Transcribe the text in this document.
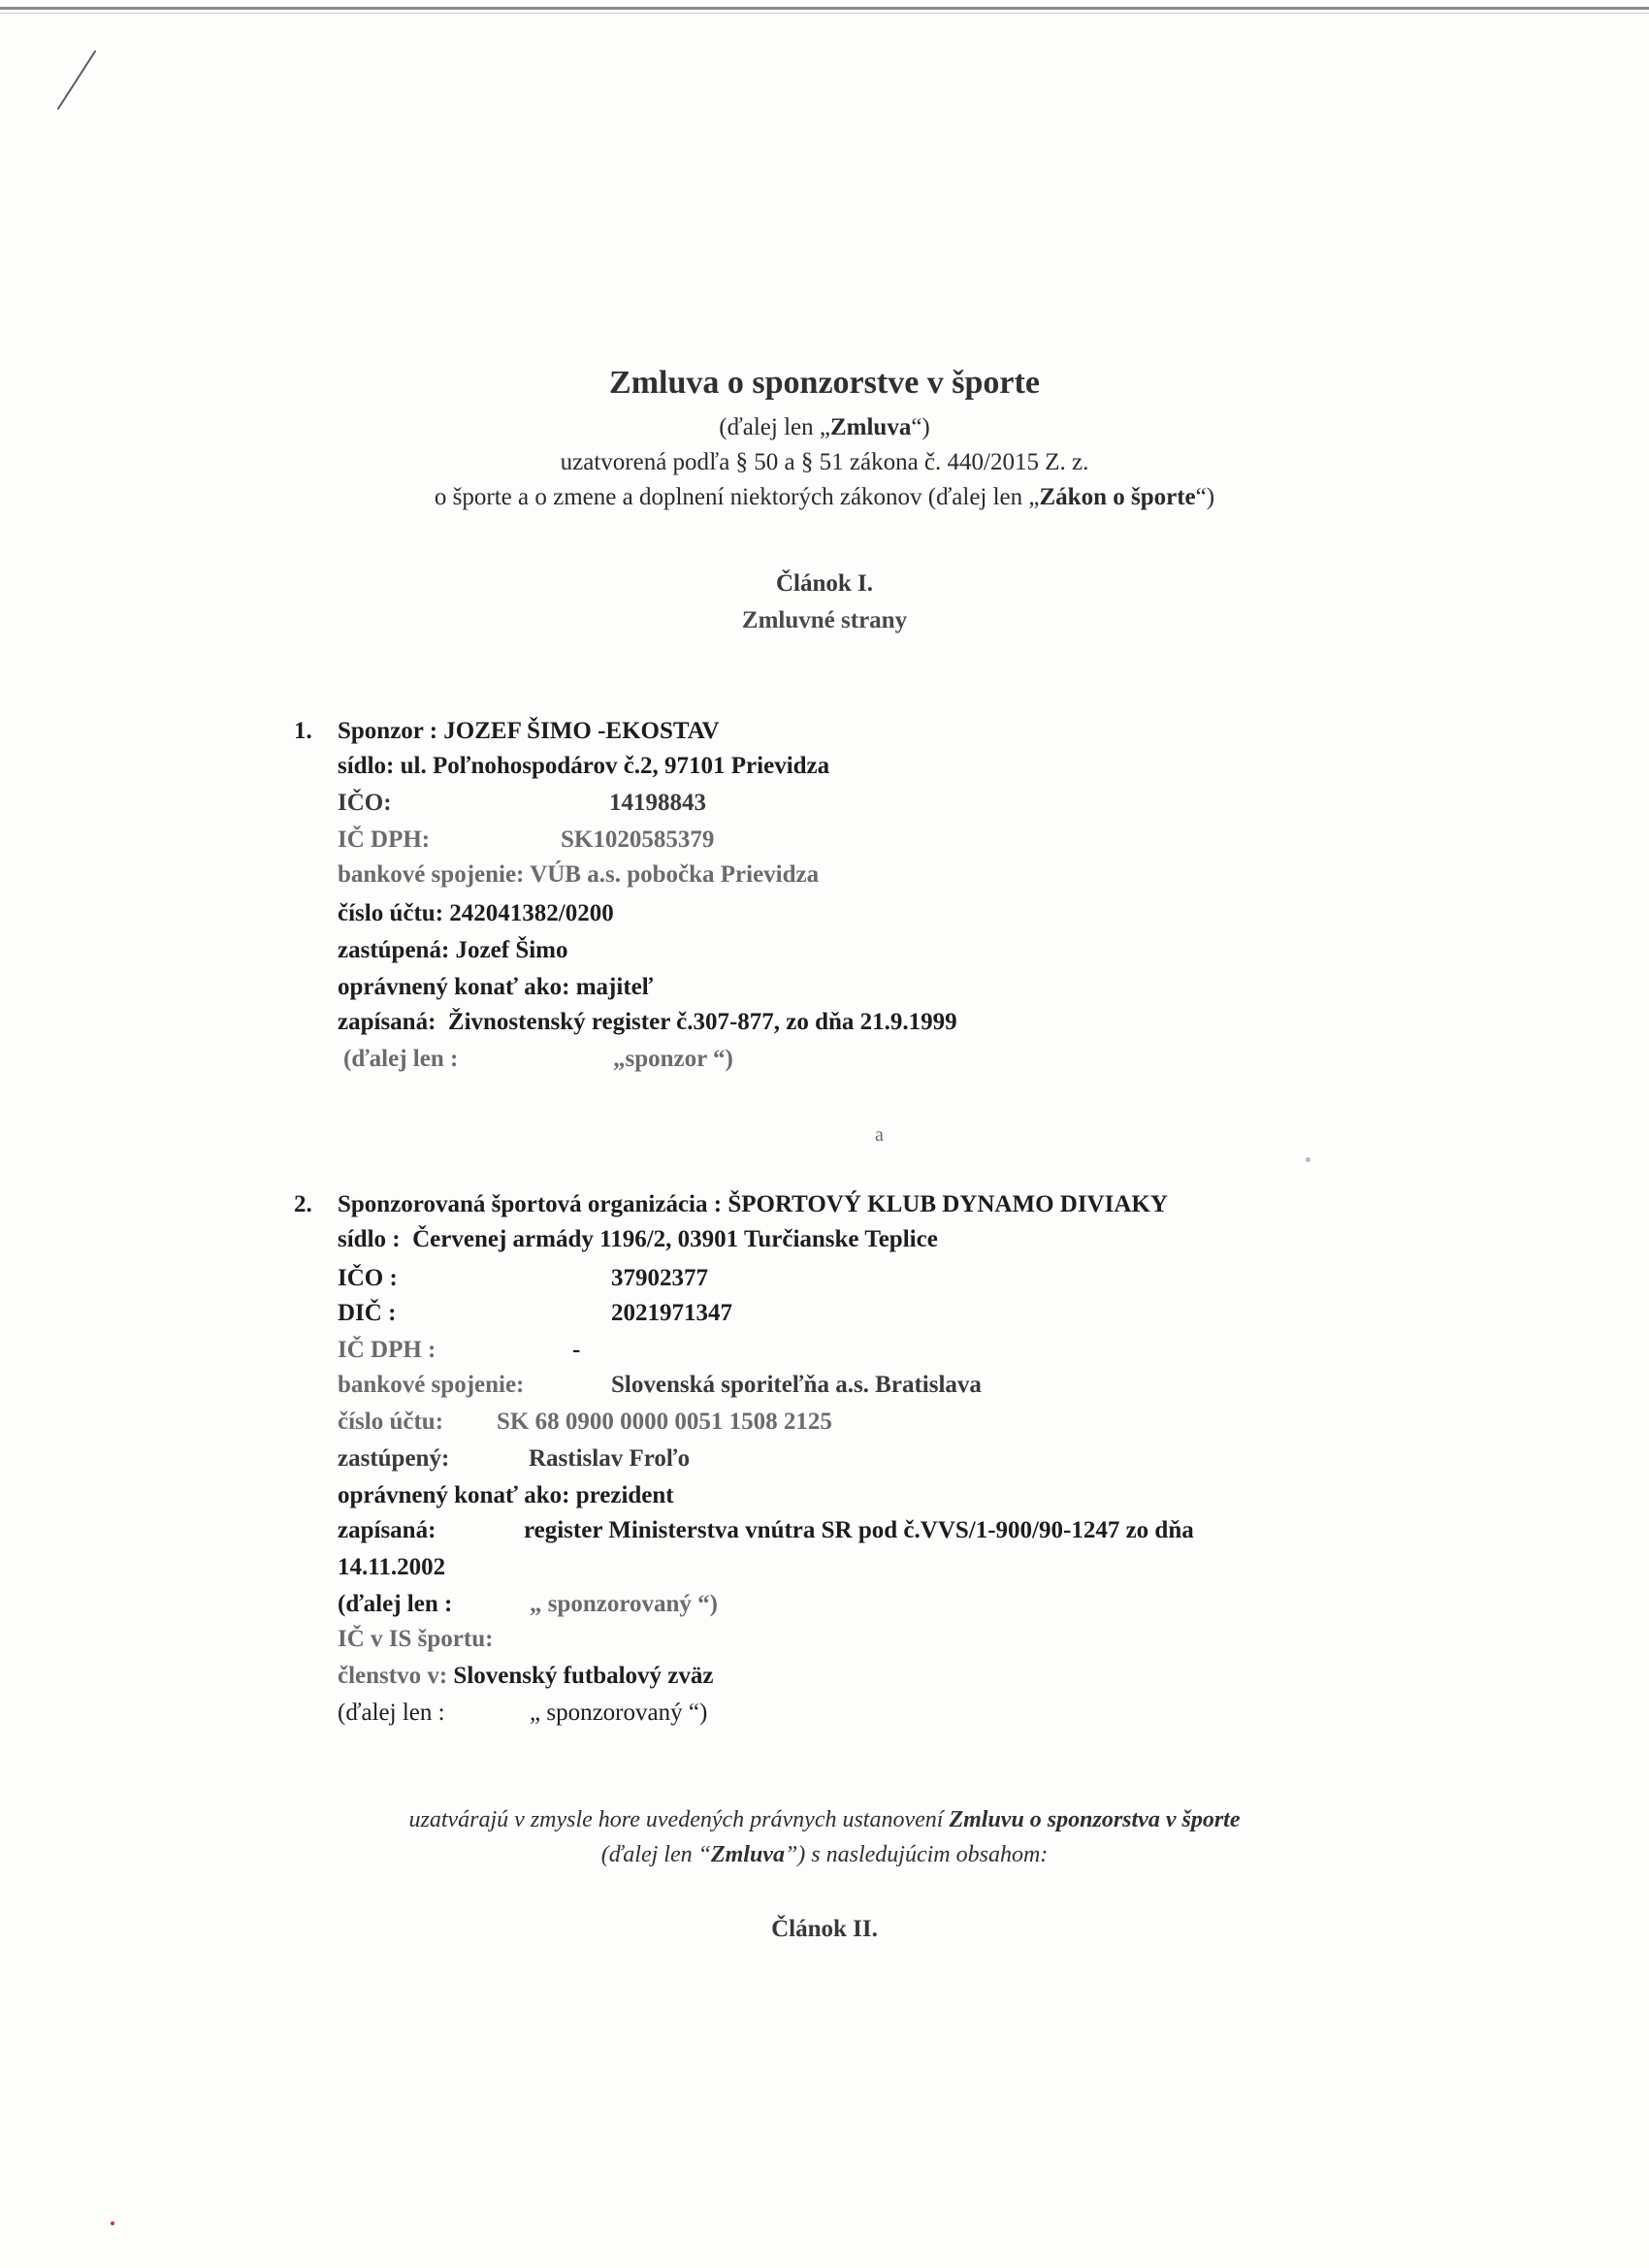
Zmluva o sponzorstve v športe
(ďalej len „Zmluva“)
uzatvorená podľa § 50 a § 51 zákona č. 440/2015 Z. z.
o športe a o zmene a doplnení niektorých zákonov (ďalej len „Zákon o športe“)
Článok I.
Zmluvné strany
1. Sponzor : JOZEF ŠIMO -EKOSTAV
sídlo: ul. Poľnohospodárov č.2, 97101 Prievidza
IČO:	14198843
IČ DPH:	SK1020585379
bankové spojenie: VÚB a.s. pobočka Prievidza
číslo účtu: 242041382/0200
zastúpená: Jozef Šimo
oprávnený konať ako: majiteľ
zapísaná: Živnostenský register č.307-877, zo dňa 21.9.1999
(ďalej len :	„sponzor “)
a
2. Sponzorovaná športová organizácia : ŠPORTOVÝ KLUB DYNAMO DIVIAKY
sídlo : Červenej armády 1196/2, 03901 Turčianske Teplice
IČO :	37902377
DIČ :	2021971347
IČ DPH :	-
bankové spojenie:	Slovenská sporiteľňa a.s. Bratislava
číslo účtu: SK 68 0900 0000 0051 1508 2125
zastúpený:	Rastislav Froľo
oprávnený konať ako: prezident
zapísaná:	register Ministerstva vnútra SR pod č.VVS/1-900/90-1247 zo dňa
14.11.2002
(ďalej len :	„ sponzorovaný “)
IČ v IS športu:
členstvo v: Slovenský futbalový zväz
(ďalej len :	„ sponzorovaný “)
uzatvárajú v zmysle hore uvedených právnych ustanovení Zmluvu o sponzorstva v športe
(ďalej len “Zmluva”) s nasledujúcim obsahom:
Článok II.
